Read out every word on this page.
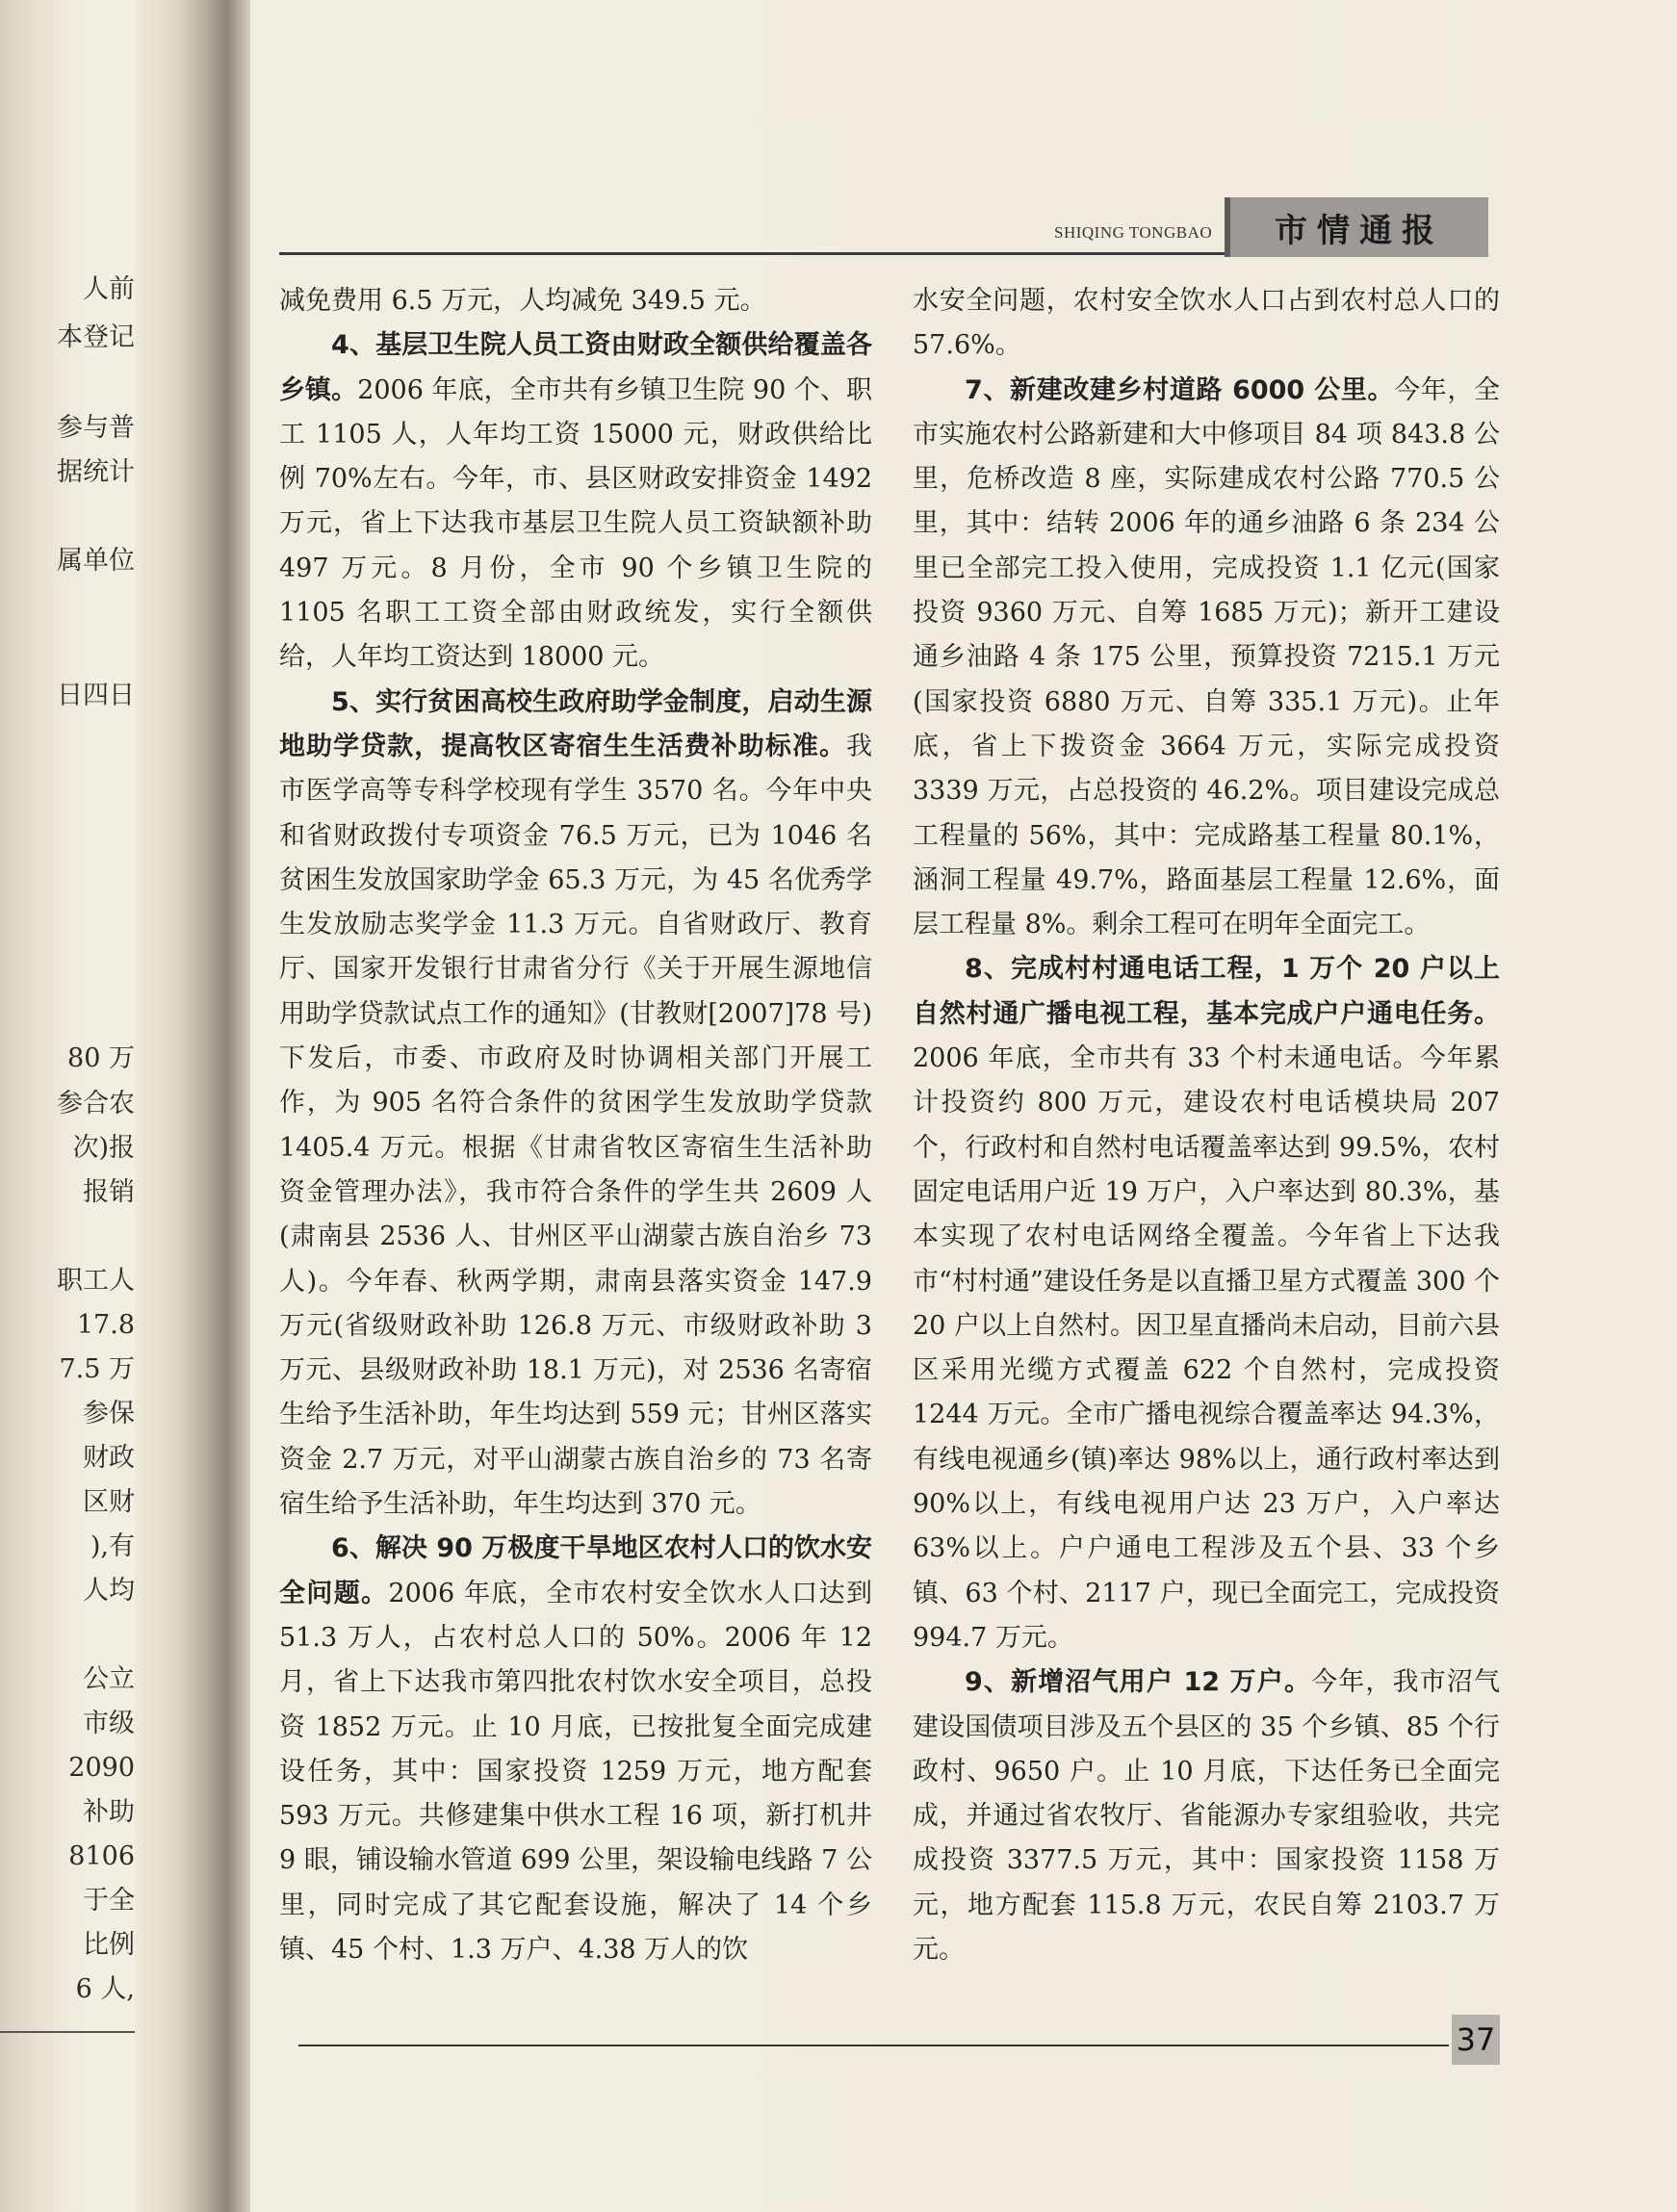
人前
本登记
参与普
据统计
属单位
日四日
80 万
参合农
次)报
报销
职工人
17.8
7.5 万
参保
财政
区财
),有
人均
公立
市级
2090
补助
8106
于全
比例
6 人,
SHIQING TONGBAO 市情通报

减免费用 6.5 万元，人均减免 349.5 元。

4、基层卫生院人员工资由财政全额供给覆盖各乡镇。2006 年底，全市共有乡镇卫生院 90 个、职工 1105 人，人年均工资 15000 元，财政供给比例 70%左右。今年，市、县区财政安排资金 1492 万元，省上下达我市基层卫生院人员工资缺额补助 497 万元。8 月份，全市 90 个乡镇卫生院的 1105 名职工工资全部由财政统发，实行全额供给，人年均工资达到 18000 元。

5、实行贫困高校生政府助学金制度，启动生源地助学贷款，提高牧区寄宿生生活费补助标准。我市医学高等专科学校现有学生 3570 名。今年中央和省财政拨付专项资金 76.5 万元，已为 1046 名贫困生发放国家助学金 65.3 万元，为 45 名优秀学生发放励志奖学金 11.3 万元。自省财政厅、教育厅、国家开发银行甘肃省分行《关于开展生源地信用助学贷款试点工作的通知》(甘教财[2007]78 号)下发后，市委、市政府及时协调相关部门开展工作，为 905 名符合条件的贫困学生发放助学贷款 1405.4 万元。根据《甘肃省牧区寄宿生生活补助资金管理办法》，我市符合条件的学生共 2609 人(肃南县 2536 人、甘州区平山湖蒙古族自治乡 73 人)。今年春、秋两学期，肃南县落实资金 147.9 万元(省级财政补助 126.8 万元、市级财政补助 3 万元、县级财政补助 18.1 万元)，对 2536 名寄宿生给予生活补助，年生均达到 559 元；甘州区落实资金 2.7 万元，对平山湖蒙古族自治乡的 73 名寄宿生给予生活补助，年生均达到 370 元。

6、解决 90 万极度干旱地区农村人口的饮水安全问题。2006 年底，全市农村安全饮水人口达到 51.3 万人，占农村总人口的 50%。2006 年 12 月，省上下达我市第四批农村饮水安全项目，总投资 1852 万元。止 10 月底，已按批复全面完成建设任务，其中：国家投资 1259 万元，地方配套 593 万元。共修建集中供水工程 16 项，新打机井 9 眼，铺设输水管道 699 公里，架设输电线路 7 公里，同时完成了其它配套设施，解决了 14 个乡镇、45 个村、1.3 万户、4.38 万人的饮

水安全问题，农村安全饮水人口占到农村总人口的 57.6%。

7、新建改建乡村道路 6000 公里。今年，全市实施农村公路新建和大中修项目 84 项 843.8 公里，危桥改造 8 座，实际建成农村公路 770.5 公里，其中：结转 2006 年的通乡油路 6 条 234 公里已全部完工投入使用，完成投资 1.1 亿元(国家投资 9360 万元、自筹 1685 万元)；新开工建设通乡油路 4 条 175 公里，预算投资 7215.1 万元(国家投资 6880 万元、自筹 335.1 万元)。止年底，省上下拨资金 3664 万元，实际完成投资 3339 万元，占总投资的 46.2%。项目建设完成总工程量的 56%，其中：完成路基工程量 80.1%，涵洞工程量 49.7%，路面基层工程量 12.6%，面层工程量 8%。剩余工程可在明年全面完工。

8、完成村村通电话工程，1 万个 20 户以上自然村通广播电视工程，基本完成户户通电任务。2006 年底，全市共有 33 个村未通电话。今年累计投资约 800 万元，建设农村电话模块局 207 个，行政村和自然村电话覆盖率达到 99.5%，农村固定电话用户近 19 万户，入户率达到 80.3%，基本实现了农村电话网络全覆盖。今年省上下达我市“村村通”建设任务是以直播卫星方式覆盖 300 个 20 户以上自然村。因卫星直播尚未启动，目前六县区采用光缆方式覆盖 622 个自然村，完成投资 1244 万元。全市广播电视综合覆盖率达 94.3%，有线电视通乡(镇)率达 98%以上，通行政村率达到 90%以上，有线电视用户达 23 万户，入户率达 63%以上。户户通电工程涉及五个县、33 个乡镇、63 个村、2117 户，现已全面完工，完成投资 994.7 万元。

9、新增沼气用户 12 万户。今年，我市沼气建设国债项目涉及五个县区的 35 个乡镇、85 个行政村、9650 户。止 10 月底，下达任务已全面完成，并通过省农牧厅、省能源办专家组验收，共完成投资 3377.5 万元，其中：国家投资 1158 万元，地方配套 115.8 万元，农民自筹 2103.7 万元。

37
